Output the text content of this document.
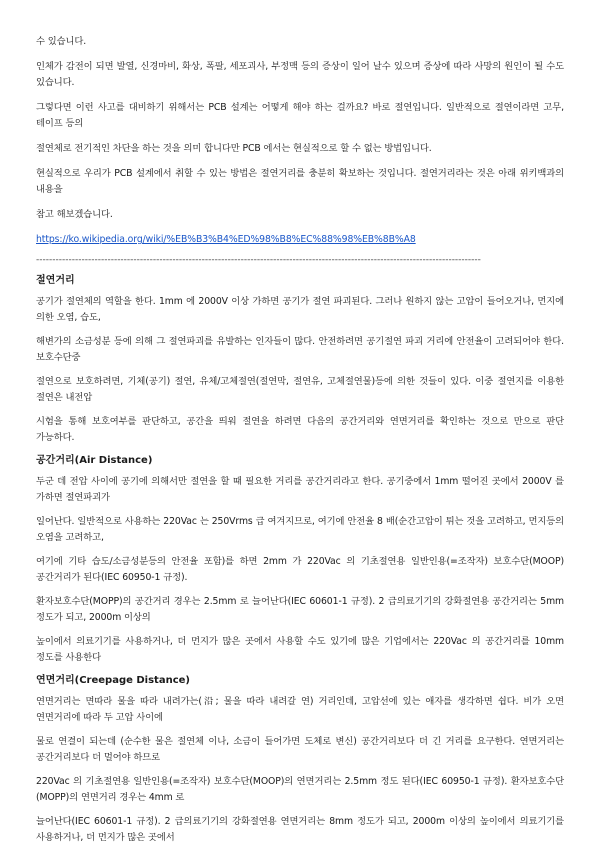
수 있습니다.

인체가 감전이 되면 발열, 신경마비, 화상, 폭팔, 세포괴사, 부정맥 등의 증상이 일어 날수 있으며 증상에 따라 사망의 원인이 될 수도 있습니다.

그렇다면 이런 사고를 대비하기 위해서는 PCB 설계는 어떻게 해야 하는 걸까요? 바로 절연입니다. 일반적으로 절연이라면 고무, 테이프 등의

절연체로 전기적인 차단을 하는 것을 의미 합니다만 PCB 에서는 현실적으로 할 수 없는 방법입니다.

현실적으로 우리가 PCB 설계에서 취할 수 있는 방법은 절연거리를 충분히 확보하는 것입니다. 절연거리라는 것은 아래 위키백과의 내용을

참고 해보겠습니다.

https://ko.wikipedia.org/wiki/%EB%B3%B4%ED%98%B8%EC%88%98%EB%8B%A8

-----------------------------------------------------------------------------------------------------------------------------------------
절연거리

공기가 절연체의 역할을 한다. 1mm 에 2000V 이상 가하면 공기가 절연 파괴된다. 그러나 원하지 않는 고압이 들어오거나, 먼지에 의한 오염, 습도,

해변가의 소금성분 등에 의해 그 절연파괴를 유발하는 인자들이 많다. 안전하려면 공기절연 파괴 거리에 안전율이 고려되어야 한다. 보호수단중

절연으로 보호하려면, 기체(공기) 절연, 유체/고체절연(절연막, 절연유, 고체절연물)등에 의한 것들이 있다. 이중 절연지를 이용한 절연은 내전압

시험을 통해 보호여부를 판단하고, 공간을 띄워 절연을 하려면 다음의 공간거리와 연면거리를 확인하는 것으로 만으로 판단 가능하다.

공간거리(Air Distance)

두군 데 전압 사이에 공기에 의해서만 절연을 할 때 필요한 거리를 공간거리라고 한다. 공기중에서 1mm 떨어진 곳에서 2000V 를 가하면 절연파괴가

일어난다. 일반적으로 사용하는 220Vac 는 250Vrms 급 여겨지므로, 여기에 안전율 8 배(순간고압이 튀는 것을 고려하고, 먼지등의 오염을 고려하고,

여기에 기타 습도/소금성분등의 안전율 포함)를 하면 2mm 가 220Vac 의 기초절연용 일반인용(=조작자) 보호수단(MOOP) 공간거리가 된다(IEC 60950-1 규정).

환자보호수단(MOPP)의 공간거리 경우는 2.5mm 로 늘어난다(IEC 60601-1 규정). 2 급의료기기의 강화절연용 공간거리는 5mm 정도가 되고, 2000m 이상의

높이에서 의료기기를 사용하거나, 더 먼지가 많은 곳에서 사용할 수도 있기에 많은 기업에서는 220Vac 의 공간거리를 10mm 정도를 사용한다

연면거리(Creepage Distance)

연면거리는 면따라 물을 따라 내려가는(沿; 물을 따라 내려갈 연) 거리인데, 고압선에 있는 애자를 생각하면 쉽다. 비가 오면 연면거리에 따라 두 고압 사이에

물로 연결이 되는데 (순수한 물은 절연체 이나, 소금이 들어가면 도체로 변신) 공간거리보다 더 긴 거리를 요구한다. 연면거리는 공간거리보다 더 멀어야 하므로

220Vac 의 기초절연용 일반인용(=조작자) 보호수단(MOOP)의 연면거리는 2.5mm 정도 된다(IEC 60950-1 규정). 환자보호수단(MOPP)의 연면거리 경우는 4mm 로

늘어난다(IEC 60601-1 규정). 2 급의료기기의 강화절연용 연면거리는 8mm 정도가 되고, 2000m 이상의 높이에서 의료기기를 사용하거나, 더 먼지가 많은 곳에서
